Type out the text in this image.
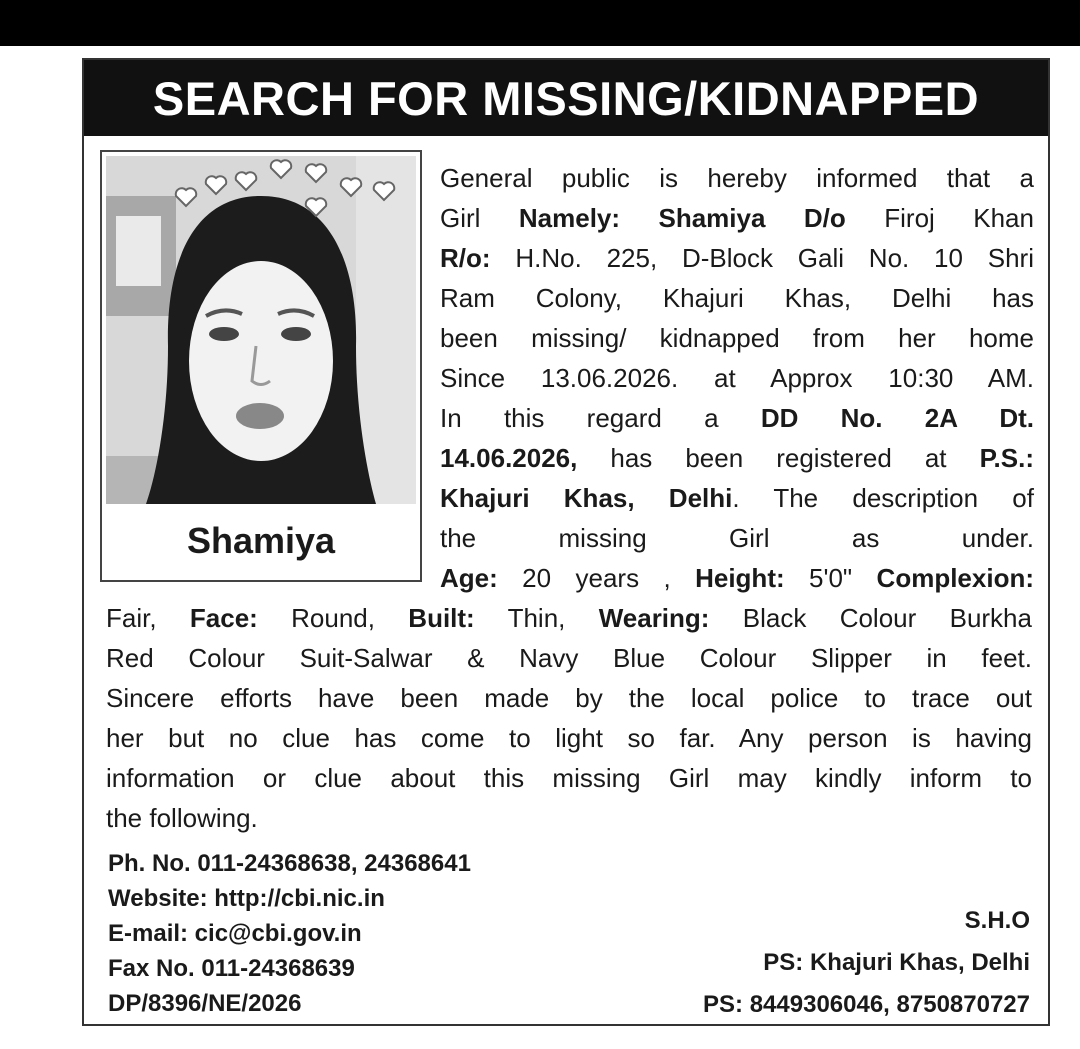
SEARCH FOR MISSING/KIDNAPPED
Shamiya
General public is hereby informed that a
Girl Namely: Shamiya D/o Firoj Khan
R/o: H.No. 225, D-Block Gali No. 10 Shri
Ram Colony, Khajuri Khas, Delhi has
been missing/ kidnapped from her home
Since 13.06.2026. at Approx 10:30 AM.
In this regard a DD No. 2A Dt.
14.06.2026, has been registered at P.S.:
Khajuri Khas, Delhi. The description of
the missing Girl as under.
Age: 20 years , Height: 5'0" Complexion:
Fair, Face: Round, Built: Thin, Wearing: Black Colour Burkha
Red Colour Suit-Salwar & Navy Blue Colour Slipper in feet.
Sincere efforts have been made by the local police to trace out
her but no clue has come to light so far. Any person is having
information or clue about this missing Girl may kindly inform to
the following.
Ph. No. 011-24368638, 24368641
Website: http://cbi.nic.in
E-mail: cic@cbi.gov.in
Fax No. 011-24368639
DP/8396/NE/2026
S.H.O
PS: Khajuri Khas, Delhi
PS: 8449306046, 8750870727
